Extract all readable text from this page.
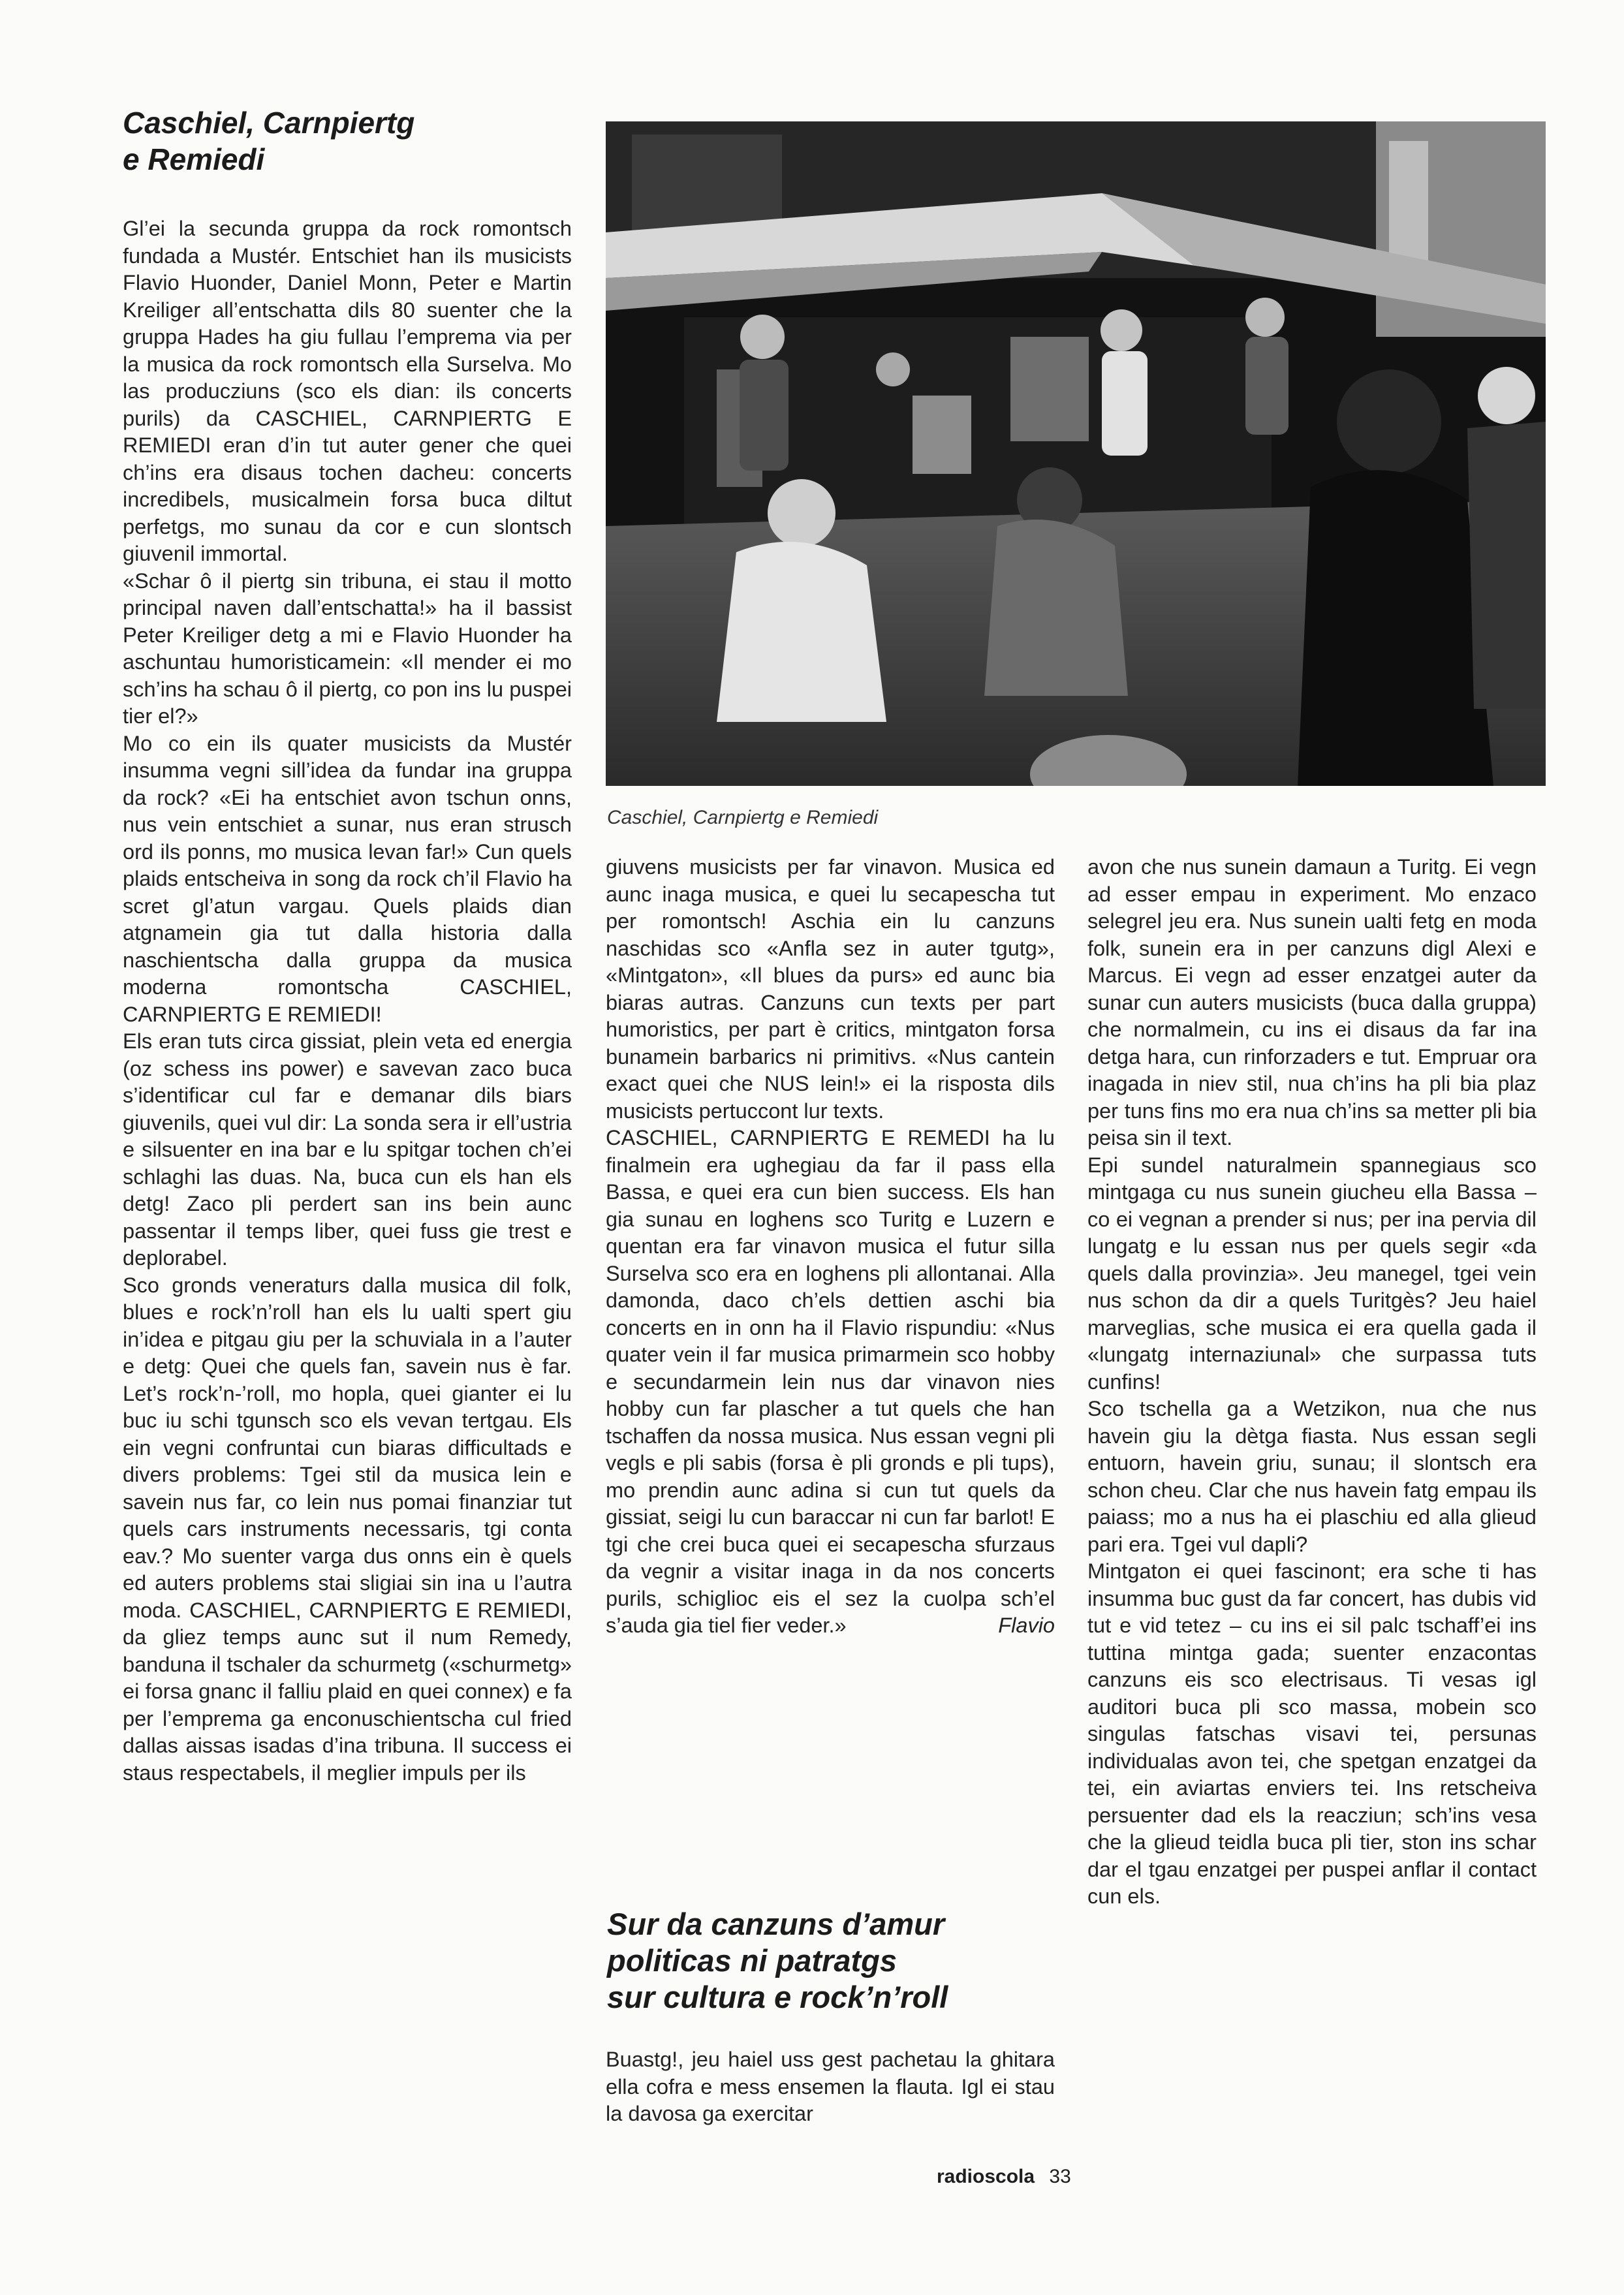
Caschiel, Carnpiertg
e Remiedi

Gl’ei la secunda gruppa da rock romontsch fundada a Mustér. Entschiet han ils musicists Flavio Huonder, Daniel Monn, Peter e Martin Kreiliger all’entschatta dils 80 suenter che la gruppa Hades ha giu fullau l’emprema via per la musica da rock romontsch ella Surselva. Mo las producziuns (sco els dian: ils concerts purils) da CASCHIEL, CARNPIERTG E REMIEDI eran d’in tut auter gener che quei ch’ins era disaus tochen dacheu: concerts incredibels, musicalmein forsa buca diltut perfetgs, mo sunau da cor e cun slontsch giuvenil immortal.

«Schar ô il piertg sin tribuna, ei stau il motto principal naven dall’entschatta!» ha il bassist Peter Kreiliger detg a mi e Flavio Huonder ha aschuntau humoristicamein: «Il mender ei mo sch’ins ha schau ô il piertg, co pon ins lu puspei tier el?»

Mo co ein ils quater musicists da Mustér insumma vegni sill’idea da fundar ina gruppa da rock? «Ei ha entschiet avon tschun onns, nus vein entschiet a sunar, nus eran strusch ord ils ponns, mo musica levan far!» Cun quels plaids entscheiva in song da rock ch’il Flavio ha scret gl’atun vargau. Quels plaids dian atgnamein gia tut dalla historia dalla naschientscha dalla gruppa da musica moderna romontscha CASCHIEL, CARNPIERTG E REMIEDI!

Els eran tuts circa gissiat, plein veta ed energia (oz schess ins power) e savevan zaco buca s’identificar cul far e demanar dils biars giuvenils, quei vul dir: La sonda sera ir ell’ustria e silsuenter en ina bar e lu spitgar tochen ch’ei schlaghi las duas. Na, buca cun els han els detg! Zaco pli perdert san ins bein aunc passentar il temps liber, quei fuss gie trest e deplorabel.

Sco gronds veneraturs dalla musica dil folk, blues e rock’n’roll han els lu ualti spert giu in’idea e pitgau giu per la schuviala in a l’auter e detg: Quei che quels fan, savein nus è far. Let’s rock’n-’roll, mo hopla, quei gianter ei lu buc iu schi tgunsch sco els vevan tertgau. Els ein vegni confruntai cun biaras difficultads e divers problems: Tgei stil da musica lein e savein nus far, co lein nus pomai finanziar tut quels cars instruments necessaris, tgi conta eav.? Mo suenter varga dus onns ein è quels ed auters problems stai sligiai sin ina u l’autra moda. CASCHIEL, CARNPIERTG E REMIEDI, da gliez temps aunc sut il num Remedy, banduna il tschaler da schurmetg («schurmetg» ei forsa gnanc il falliu plaid en quei connex) e fa per l’emprema ga enconuschientscha cul fried dallas aissas isadas d’ina tribuna. Il success ei staus respectabels, il meglier impuls per ils

Caschiel, Carnpiertg e Remiedi

giuvens musicists per far vinavon. Musica ed aunc inaga musica, e quei lu secapescha tut per romontsch! Aschia ein lu canzuns naschidas sco «Anfla sez in auter tgutg», «Mintgaton», «Il blues da purs» ed aunc bia biaras autras. Canzuns cun texts per part humoristics, per part è critics, mintgaton forsa bunamein barbarics ni primitivs. «Nus cantein exact quei che NUS lein!» ei la risposta dils musicists pertuccont lur texts.

CASCHIEL, CARNPIERTG E REMEDI ha lu finalmein era ughegiau da far il pass ella Bassa, e quei era cun bien success. Els han gia sunau en loghens sco Turitg e Luzern e quentan era far vinavon musica el futur silla Surselva sco era en loghens pli allontanai. Alla damonda, daco ch’els dettien aschi bia concerts en in onn ha il Flavio rispundiu: «Nus quater vein il far musica primarmein sco hobby e secundarmein lein nus dar vinavon nies hobby cun far plascher a tut quels che han tschaffen da nossa musica. Nus essan vegni pli vegls e pli sabis (forsa è pli gronds e pli tups), mo prendin aunc adina si cun tut quels da gissiat, seigi lu cun baraccar ni cun far barlot! E tgi che crei buca quei ei secapescha sfurzaus da vegnir a visitar inaga in da nos concerts purils, schiglioc eis el sez la cuolpa sch’el s’auda gia tiel fier veder.»	Flavio

avon che nus sunein damaun a Turitg. Ei vegn ad esser empau in experiment. Mo enzaco selegrel jeu era. Nus sunein ualti fetg en moda folk, sunein era in per canzuns digl Alexi e Marcus. Ei vegn ad esser enzatgei auter da sunar cun auters musicists (buca dalla gruppa) che normalmein, cu ins ei disaus da far ina detga hara, cun rinforzaders e tut. Empruar ora inagada in niev stil, nua ch’ins ha pli bia plaz per tuns fins mo era nua ch’ins sa metter pli bia peisa sin il text.

Epi sundel naturalmein spannegiaus sco mintgaga cu nus sunein giucheu ella Bassa – co ei vegnan a prender si nus; per ina pervia dil lungatg e lu essan nus per quels segir «da quels dalla provinzia». Jeu manegel, tgei vein nus schon da dir a quels Turitgès? Jeu haiel marveglias, sche musica ei era quella gada il «lungatg internaziunal» che surpassa tuts cunfins!

Sco tschella ga a Wetzikon, nua che nus havein giu la dètga fiasta. Nus essan segli entuorn, havein griu, sunau; il slontsch era schon cheu. Clar che nus havein fatg empau ils paiass; mo a nus ha ei plaschiu ed alla glieud pari era. Tgei vul dapli?

Mintgaton ei quei fascinont; era sche ti has insumma buc gust da far concert, has dubis vid tut e vid tetez – cu ins ei sil palc tschaff’ei ins tuttina mintga gada; suenter enzacontas canzuns eis sco electrisaus. Ti vesas igl auditori buca pli sco massa, mobein sco singulas fatschas visavi tei, persunas individualas avon tei, che spetgan enzatgei da tei, ein aviartas enviers tei. Ins retscheiva persuenter dad els la reacziun; sch’ins vesa che la glieud teidla buca pli tier, ston ins schar dar el tgau enzatgei per puspei anflar il contact cun els.

Sur da canzuns d’amur
politicas ni patratgs
sur cultura e rock’n’roll

Buastg!, jeu haiel uss gest pachetau la ghitara ella cofra e mess ensemen la flauta. Igl ei stau la davosa ga exercitar

radioscola 33
